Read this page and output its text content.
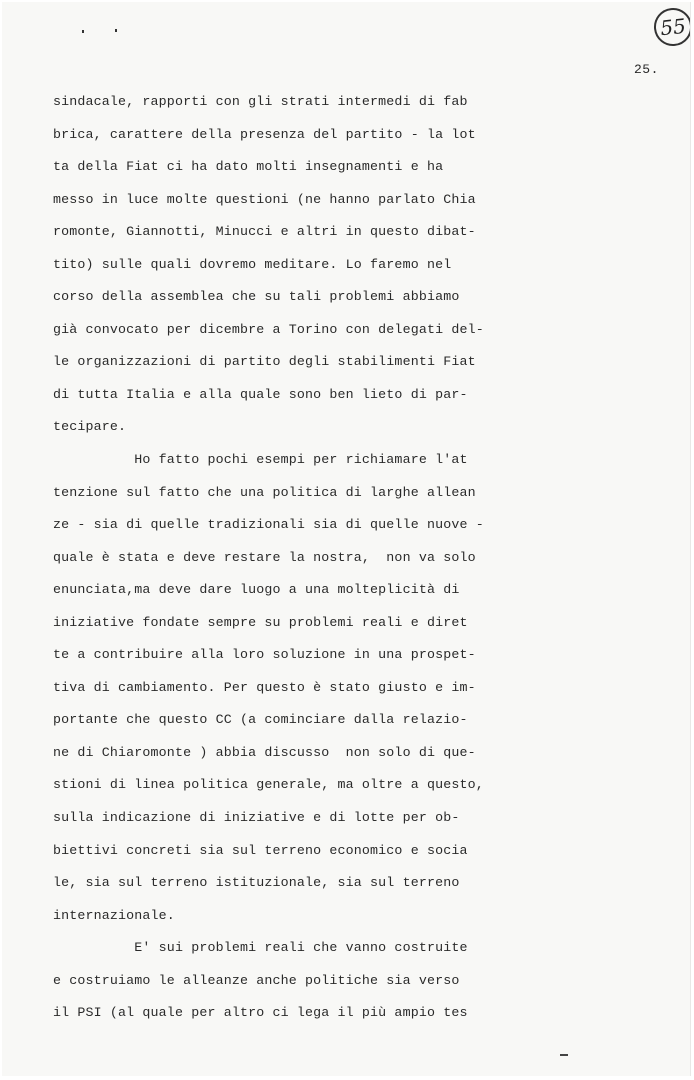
55
25.
sindacale, rapporti con gli strati intermedi di fab
brica, carattere della presenza del partito - la lot
ta della Fiat ci ha dato molti insegnamenti e ha
messo in luce molte questioni (ne hanno parlato Chia
romonte, Giannotti, Minucci e altri in questo dibat-
tito) sulle quali dovremo meditare. Lo faremo nel
corso della assemblea che su tali problemi abbiamo
già convocato per dicembre a Torino con delegati del-
le organizzazioni di partito degli stabilimenti Fiat
di tutta Italia e alla quale sono ben lieto di par-
tecipare.
Ho fatto pochi esempi per richiamare l'at
tenzione sul fatto che una politica di larghe allean
ze - sia di quelle tradizionali sia di quelle nuove -
quale è stata e deve restare la nostra,  non va solo
enunciata,ma deve dare luogo a una molteplicità di
iniziative fondate sempre su problemi reali e diret
te a contribuire alla loro soluzione in una prospet-
tiva di cambiamento. Per questo è stato giusto e im-
portante che questo CC (a cominciare dalla relazio-
ne di Chiaromonte ) abbia discusso  non solo di que-
stioni di linea politica generale, ma oltre a questo,
sulla indicazione di iniziative e di lotte per ob-
biettivi concreti sia sul terreno economico e socia
le, sia sul terreno istituzionale, sia sul terreno
internazionale.
E' sui problemi reali che vanno costruite
e costruiamo le alleanze anche politiche sia verso
il PSI (al quale per altro ci lega il più ampio tes
